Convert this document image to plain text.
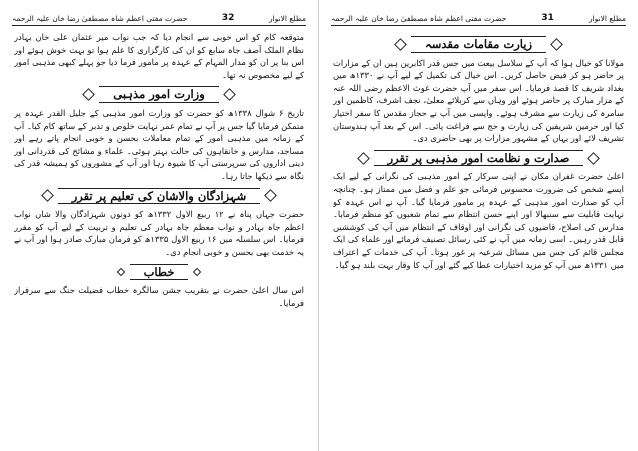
مطلع الانوار
32
حضرت مفتی اعظم شاہ مصطفیٰ رضا خان علیہ الرحمہ

متوقعہ کام کو اس خوبی سے انجام دیا کہ جب نواب میر عثمان علی خان بہادر نظام الملک آصف جاہ سابع کو ان کی کارگزاری کا علم ہوا تو بہت خوش ہوئے اور اس بنا پر ان کو مدار المہام کے عہدہ پر مامور فرما دیا جو پہلے کبھی مذہبی امور کے لیے مخصوص نہ تھا۔

وزارت امور مذہبی

تاریخ ۶ شوال ۱۳۳۸ھ کو حضرت کو وزارت امور مذہبی کے جلیل القدر عہدہ پر متمکن فرمایا گیا جس پر آپ نے تمام عمر نہایت خلوص و تدبر کے ساتھ کام کیا۔ آپ کے زمانہ میں مذہبی امور کے تمام معاملات بحسن و خوبی انجام پاتے رہے اور مساجد، مدارس و خانقاہوں کی حالت بہتر ہوئی۔ علماء و مشائخ کی قدردانی اور دینی اداروں کی سرپرستی آپ کا شیوہ رہا اور آپ کے مشوروں کو ہمیشہ قدر کی نگاہ سے دیکھا جاتا رہا۔

شہزادگان والاشان کی تعلیم پر تقرر

حضرت جہاں پناہ نے ۱۲ ربیع الاول ۱۳۳۲ھ کو دونوں شہزادگان والا شان نواب اعظم جاہ بہادر و نواب معظم جاہ بہادر کی تعلیم و تربیت کے لیے آپ کو مقرر فرمایا۔ اس سلسلہ میں ۱۶ ربیع الاول ۱۳۳۵ھ کو فرمان مبارک صادر ہوا اور آپ نے یہ خدمت بھی بحسن و خوبی انجام دی۔

خطاب

اس سال اعلیٰ حضرت نے بتقریب جشن سالگرہ خطاب فضیلت جنگ سے سرفراز فرمایا۔

مطلع الانوار
31
حضرت مفتی اعظم شاہ مصطفیٰ رضا خان علیہ الرحمہ
زیارت مقامات مقدسہ

مولانا کو خیال ہوا کہ آپ کے سلاسل بیعت میں جس قدر اکابرین ہیں ان کے مزارات پر حاضر ہو کر فیض حاصل کریں۔ اس خیال کی تکمیل کے لیے آپ نے ۱۳۳۰ھ میں بغداد شریف کا قصد فرمایا۔ اس سفر میں آپ حضرت غوث الاعظم رضی اللہ عنہ کے مزار مبارک پر حاضر ہوئے اور وہاں سے کربلائے معلیٰ، نجف اشرف، کاظمین اور سامرہ کی زیارت سے مشرف ہوئے۔ واپسی میں آپ نے حجاز مقدس کا سفر اختیار کیا اور حرمین شریفین کی زیارت و حج سے فراغت پائی۔ اس کے بعد آپ ہندوستان تشریف لائے اور یہاں کے مشہور مزارات پر بھی حاضری دی۔

صدارت و نظامت امور مذہبی پر تقرر

اعلیٰ حضرت غفران مکان نے اپنی سرکار کے امور مذہبی کی نگرانی کے لیے ایک ایسے شخص کی ضرورت محسوس فرمائی جو علم و فضل میں ممتاز ہو۔ چنانچہ آپ کو صدارت امور مذہبی کے عہدہ پر مامور فرمایا گیا۔ آپ نے اس عہدہ کو نہایت قابلیت سے سنبھالا اور اپنے حسن انتظام سے تمام شعبوں کو منظم فرمایا۔ مدارس کی اصلاح، قاضیوں کی نگرانی اور اوقاف کے انتظام میں آپ کی کوششیں قابل قدر رہیں۔ اسی زمانہ میں آپ نے کئی رسائل تصنیف فرمائے اور علماء کی ایک مجلس قائم کی جس میں مسائل شرعیہ پر غور ہوتا۔ آپ کی خدمات کے اعتراف میں ۱۳۳۱ھ میں آپ کو مزید اختیارات عطا کیے گئے اور آپ کا وقار بہت بلند ہو گیا۔
